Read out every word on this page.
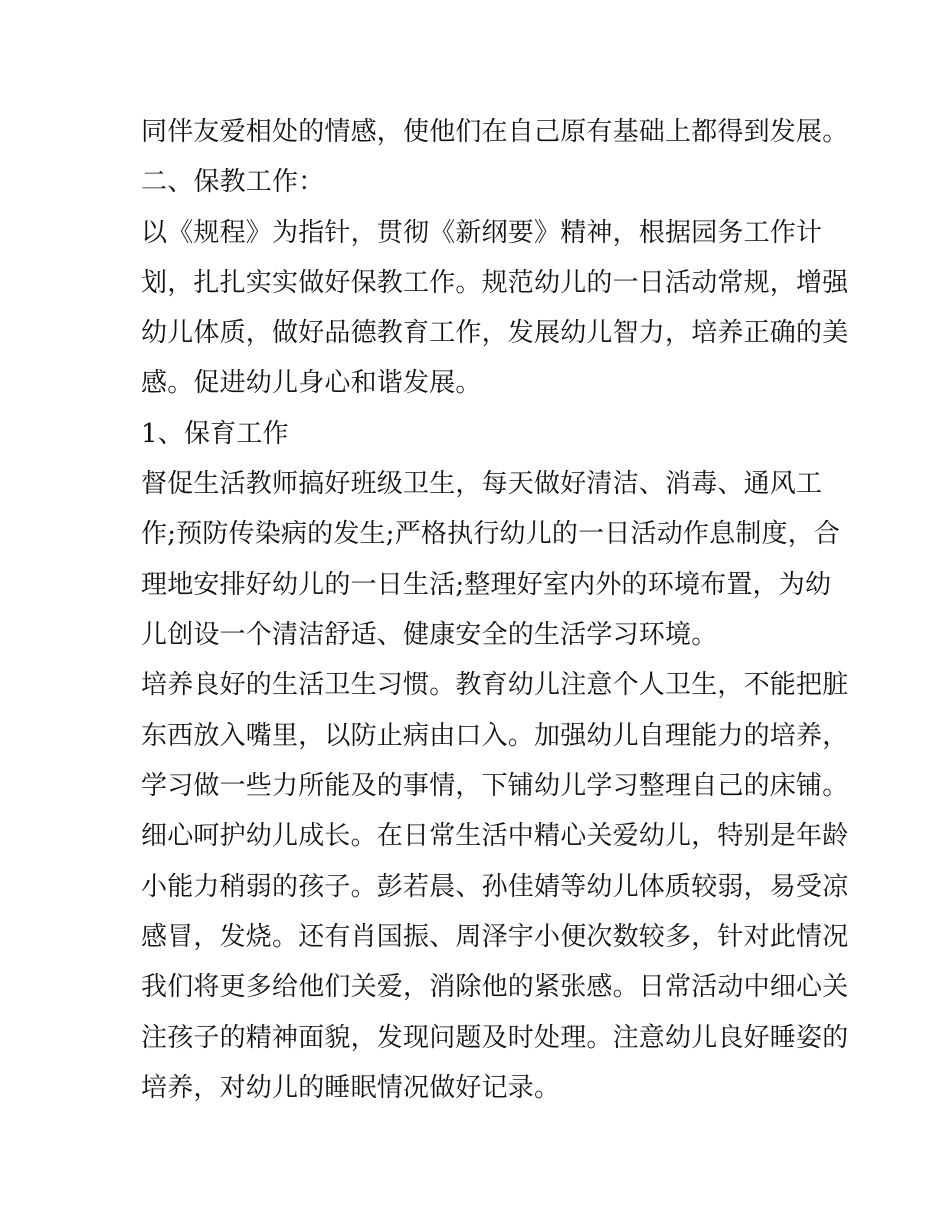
同伴友爱相处的情感，使他们在自己原有基础上都得到发展。
二、保教工作：
以《规程》为指针，贯彻《新纲要》精神，根据园务工作计
划，扎扎实实做好保教工作。规范幼儿的一日活动常规，增强
幼儿体质，做好品德教育工作，发展幼儿智力，培养正确的美
感。促进幼儿身心和谐发展。
1、保育工作
督促生活教师搞好班级卫生，每天做好清洁、消毒、通风工
作;预防传染病的发生;严格执行幼儿的一日活动作息制度，合
理地安排好幼儿的一日生活;整理好室内外的环境布置，为幼
儿创设一个清洁舒适、健康安全的生活学习环境。
培养良好的生活卫生习惯。教育幼儿注意个人卫生，不能把脏
东西放入嘴里，以防止病由口入。加强幼儿自理能力的培养，
学习做一些力所能及的事情，下铺幼儿学习整理自己的床铺。
细心呵护幼儿成长。在日常生活中精心关爱幼儿，特别是年龄
小能力稍弱的孩子。彭若晨、孙佳婧等幼儿体质较弱，易受凉
感冒，发烧。还有肖国振、周泽宇小便次数较多，针对此情况
我们将更多给他们关爱，消除他的紧张感。日常活动中细心关
注孩子的精神面貌，发现问题及时处理。注意幼儿良好睡姿的
培养，对幼儿的睡眠情况做好记录。
